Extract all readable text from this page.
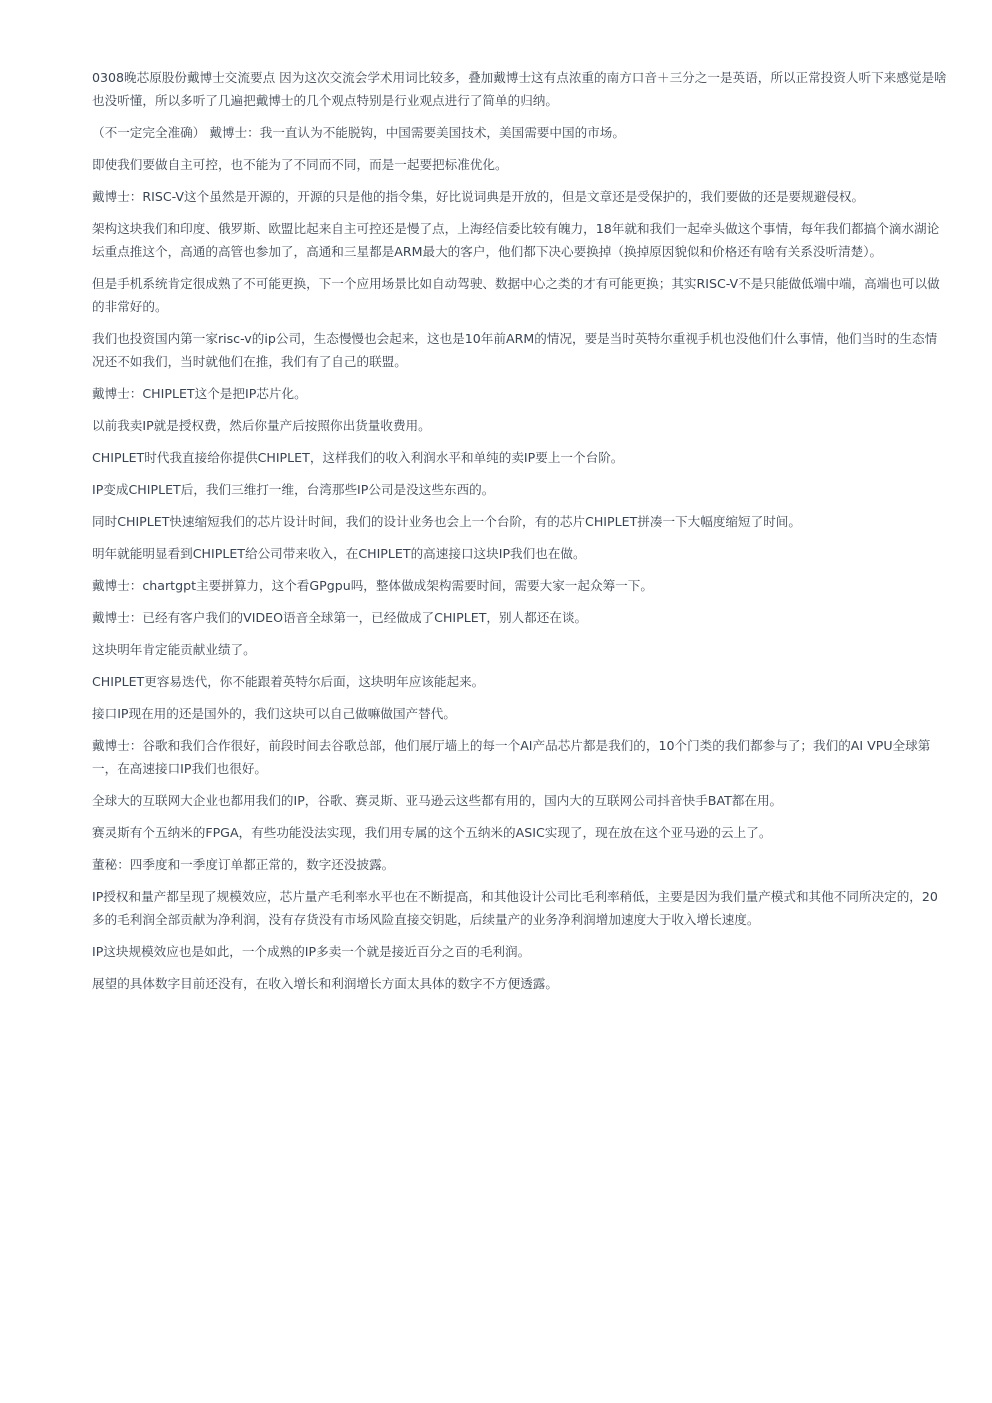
0308晚芯原股份戴博士交流要点 因为这次交流会学术用词比较多，叠加戴博士这有点浓重的南方口音＋三分之一是英语，所以正常投资人听下来感觉是啥也没听懂，所以多听了几遍把戴博士的几个观点特别是行业观点进行了简单的归纳。

（不一定完全准确） 戴博士：我一直认为不能脱钩，中国需要美国技术，美国需要中国的市场。

即使我们要做自主可控，也不能为了不同而不同，而是一起要把标准优化。

戴博士：RISC-V这个虽然是开源的，开源的只是他的指令集，好比说词典是开放的，但是文章还是受保护的，我们要做的还是要规避侵权。

架构这块我们和印度、俄罗斯、欧盟比起来自主可控还是慢了点，上海经信委比较有魄力，18年就和我们一起牵头做这个事情，每年我们都搞个滴水湖论坛重点推这个，高通的高管也参加了，高通和三星都是ARM最大的客户，他们都下决心要换掉（换掉原因貌似和价格还有啥有关系没听清楚）。

但是手机系统肯定很成熟了不可能更换，下一个应用场景比如自动驾驶、数据中心之类的才有可能更换；其实RISC-V不是只能做低端中端，高端也可以做的非常好的。

我们也投资国内第一家risc-v的ip公司，生态慢慢也会起来，这也是10年前ARM的情况，要是当时英特尔重视手机也没他们什么事情，他们当时的生态情况还不如我们，当时就他们在推，我们有了自己的联盟。

戴博士：CHIPLET这个是把IP芯片化。

以前我卖IP就是授权费，然后你量产后按照你出货量收费用。

CHIPLET时代我直接给你提供CHIPLET，这样我们的收入利润水平和单纯的卖IP要上一个台阶。

IP变成CHIPLET后，我们三维打一维，台湾那些IP公司是没这些东西的。

同时CHIPLET快速缩短我们的芯片设计时间，我们的设计业务也会上一个台阶，有的芯片CHIPLET拼凑一下大幅度缩短了时间。

明年就能明显看到CHIPLET给公司带来收入，在CHIPLET的高速接口这块IP我们也在做。

戴博士：chartgpt主要拼算力，这个看GPgpu吗，整体做成架构需要时间，需要大家一起众筹一下。

戴博士：已经有客户我们的VIDEO语音全球第一，已经做成了CHIPLET，别人都还在谈。

这块明年肯定能贡献业绩了。

CHIPLET更容易迭代，你不能跟着英特尔后面，这块明年应该能起来。

接口IP现在用的还是国外的，我们这块可以自己做嘛做国产替代。

戴博士：谷歌和我们合作很好，前段时间去谷歌总部，他们展厅墙上的每一个AI产品芯片都是我们的，10个门类的我们都参与了；我们的AI VPU全球第一，在高速接口IP我们也很好。

全球大的互联网大企业也都用我们的IP，谷歌、赛灵斯、亚马逊云这些都有用的，国内大的互联网公司抖音快手BAT都在用。

赛灵斯有个五纳米的FPGA，有些功能没法实现，我们用专属的这个五纳米的ASIC实现了，现在放在这个亚马逊的云上了。

董秘：四季度和一季度订单都正常的，数字还没披露。

IP授权和量产都呈现了规模效应，芯片量产毛利率水平也在不断提高，和其他设计公司比毛利率稍低，主要是因为我们量产模式和其他不同所决定的，20多的毛利润全部贡献为净利润，没有存货没有市场风险直接交钥匙，后续量产的业务净利润增加速度大于收入增长速度。

IP这块规模效应也是如此，一个成熟的IP多卖一个就是接近百分之百的毛利润。

展望的具体数字目前还没有，在收入增长和利润增长方面太具体的数字不方便透露。
